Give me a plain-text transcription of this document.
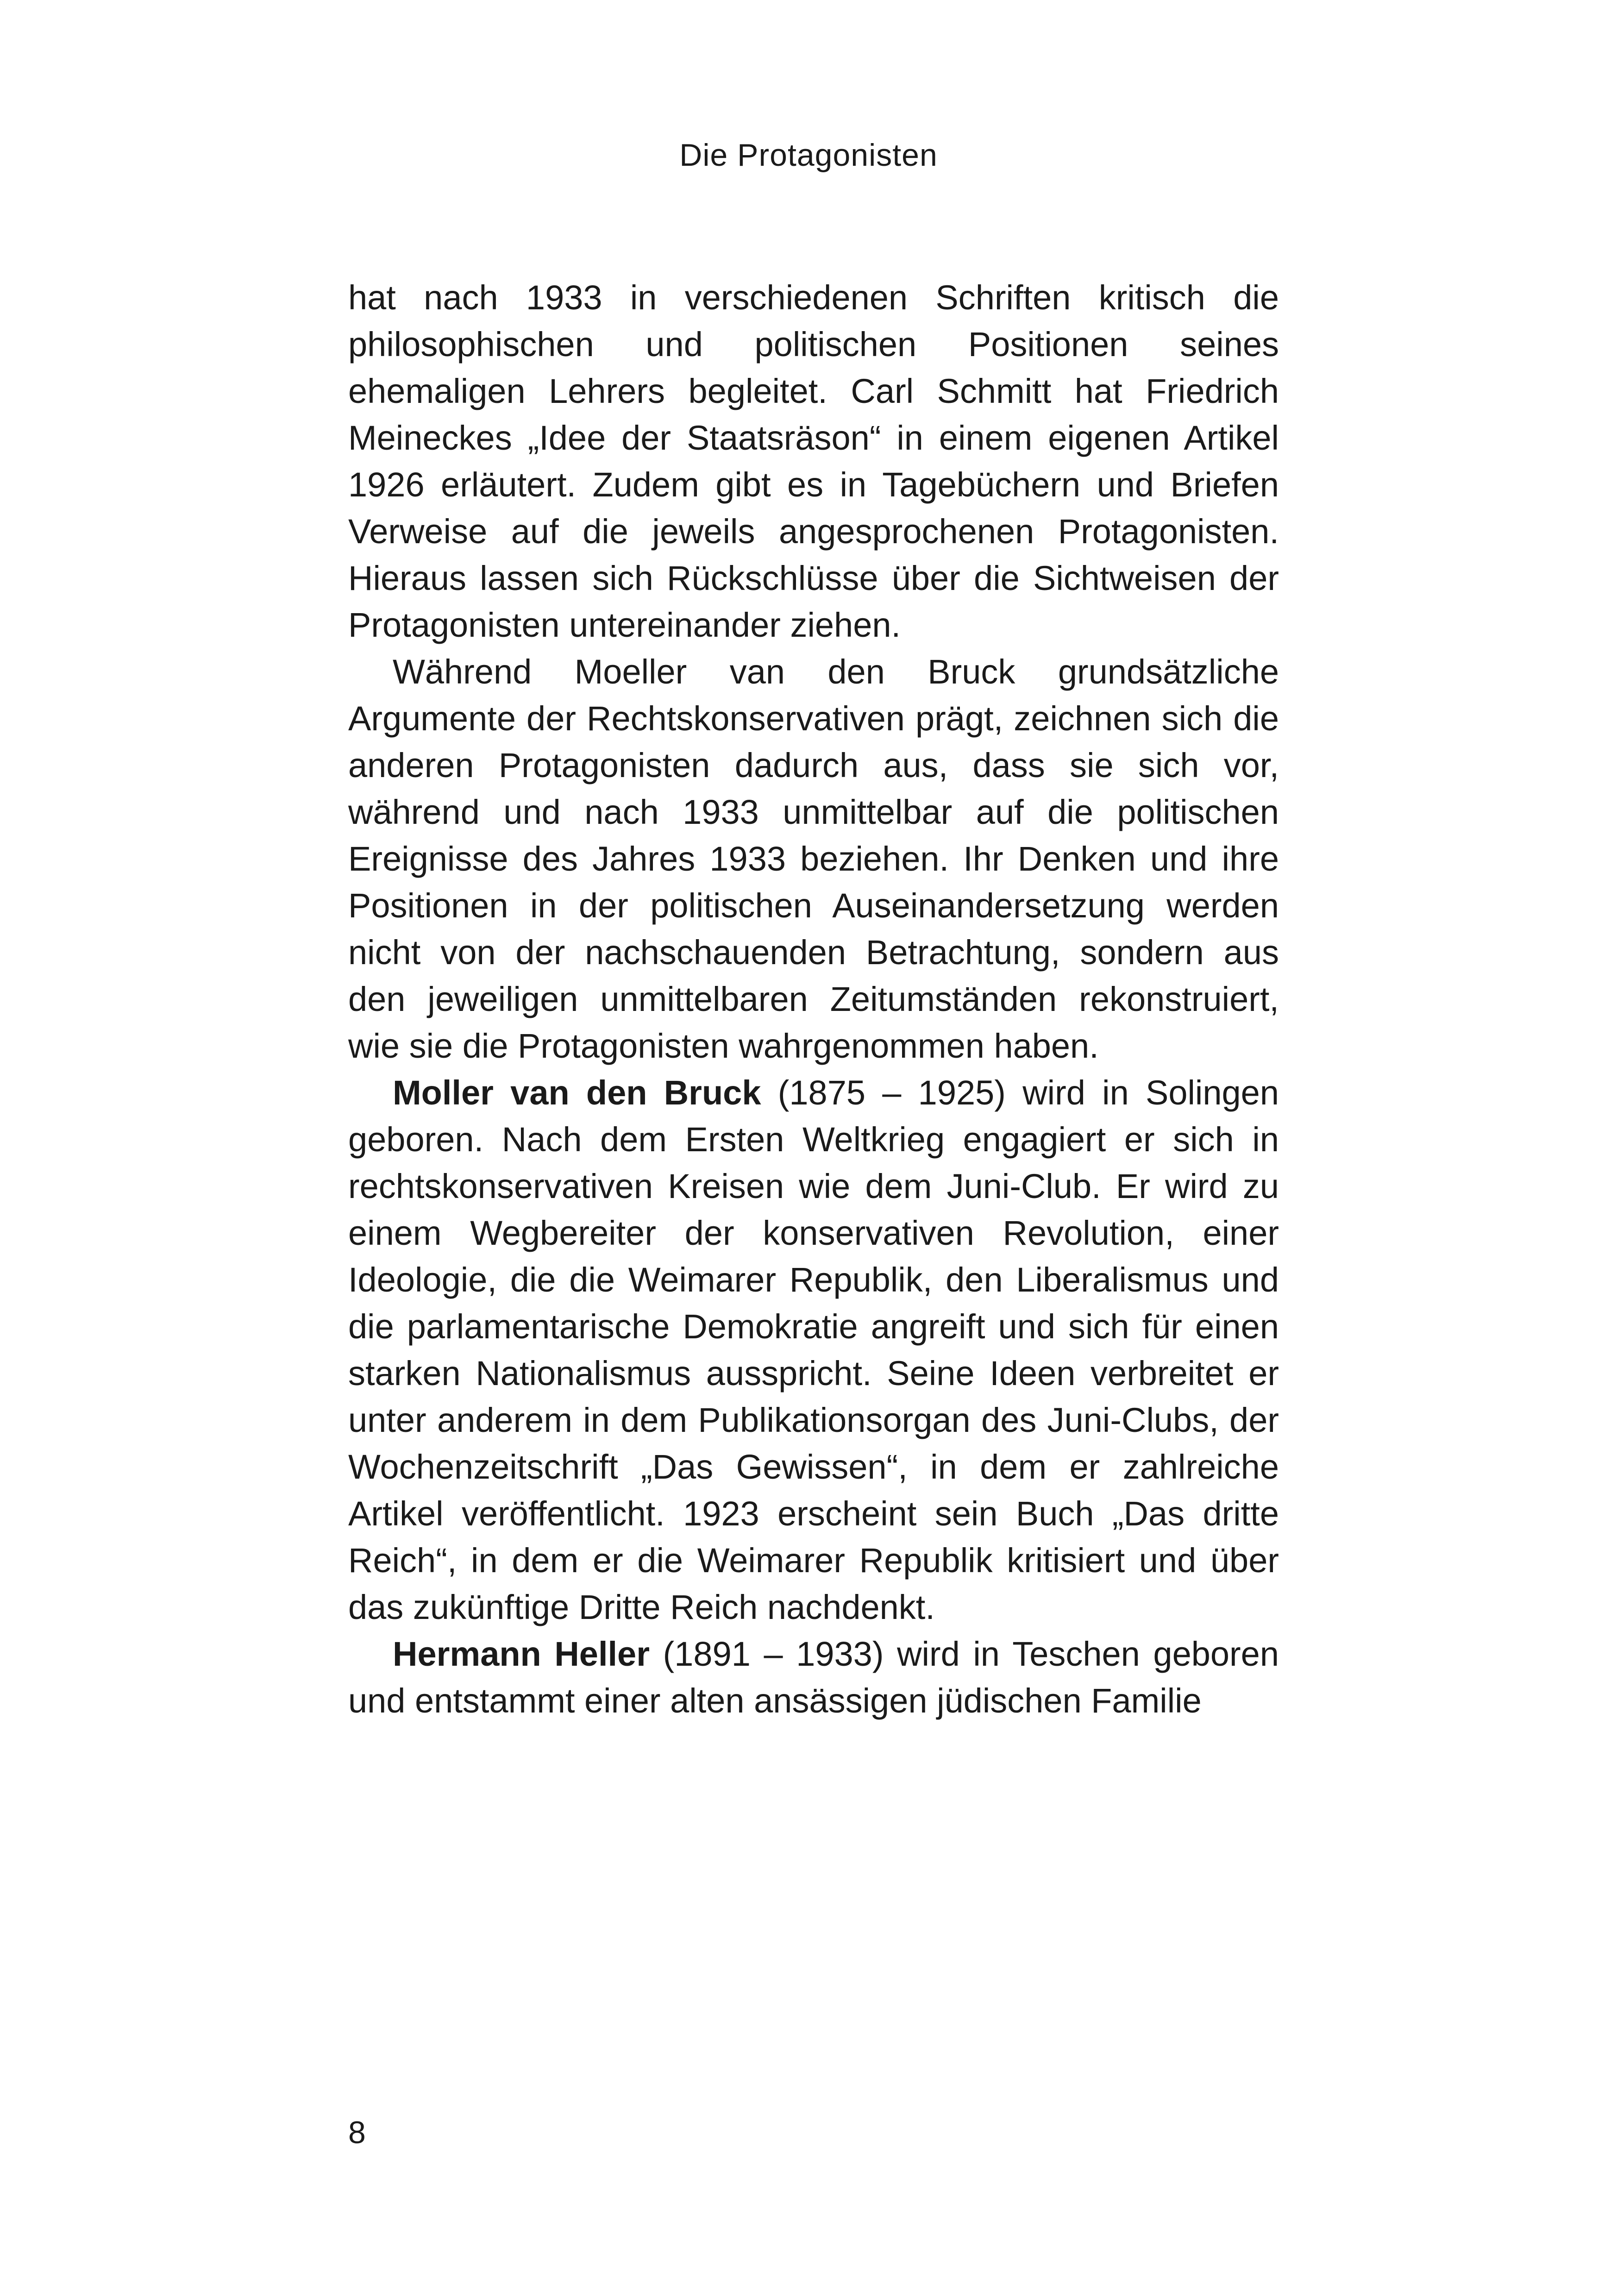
Die Protagonisten

hat nach 1933 in verschiedenen Schriften kritisch die philosophischen und politischen Positionen seines ehemaligen Lehrers begleitet. Carl Schmitt hat Friedrich Meineckes „Idee der Staatsräson“ in einem eigenen Artikel 1926 erläutert. Zudem gibt es in Tagebüchern und Briefen Verweise auf die jeweils angesprochenen Protagonisten. Hieraus lassen sich Rückschlüsse über die Sichtweisen der Protagonisten untereinander ziehen.

Während Moeller van den Bruck grundsätzliche Argumente der Rechtskonservativen prägt, zeichnen sich die anderen Protagonisten dadurch aus, dass sie sich vor, während und nach 1933 unmittelbar auf die politischen Ereignisse des Jahres 1933 beziehen. Ihr Denken und ihre Positionen in der politischen Auseinandersetzung werden nicht von der nachschauenden Betrachtung, sondern aus den jeweiligen unmittelbaren Zeitumständen rekonstruiert, wie sie die Protagonisten wahrgenommen haben.

Moller van den Bruck (1875 – 1925) wird in Solingen geboren. Nach dem Ersten Weltkrieg engagiert er sich in rechtskonservativen Kreisen wie dem Juni-Club. Er wird zu einem Wegbereiter der konservativen Revolution, einer Ideologie, die die Weimarer Republik, den Liberalismus und die parlamentarische Demokratie angreift und sich für einen starken Nationalismus ausspricht. Seine Ideen verbreitet er unter anderem in dem Publikationsorgan des Juni-Clubs, der Wochenzeitschrift „Das Gewissen“, in dem er zahlreiche Artikel veröffentlicht. 1923 erscheint sein Buch „Das dritte Reich“, in dem er die Weimarer Republik kritisiert und über das zukünftige Dritte Reich nachdenkt.

Hermann Heller (1891 – 1933) wird in Teschen geboren und entstammt einer alten ansässigen jüdischen Familie

8
